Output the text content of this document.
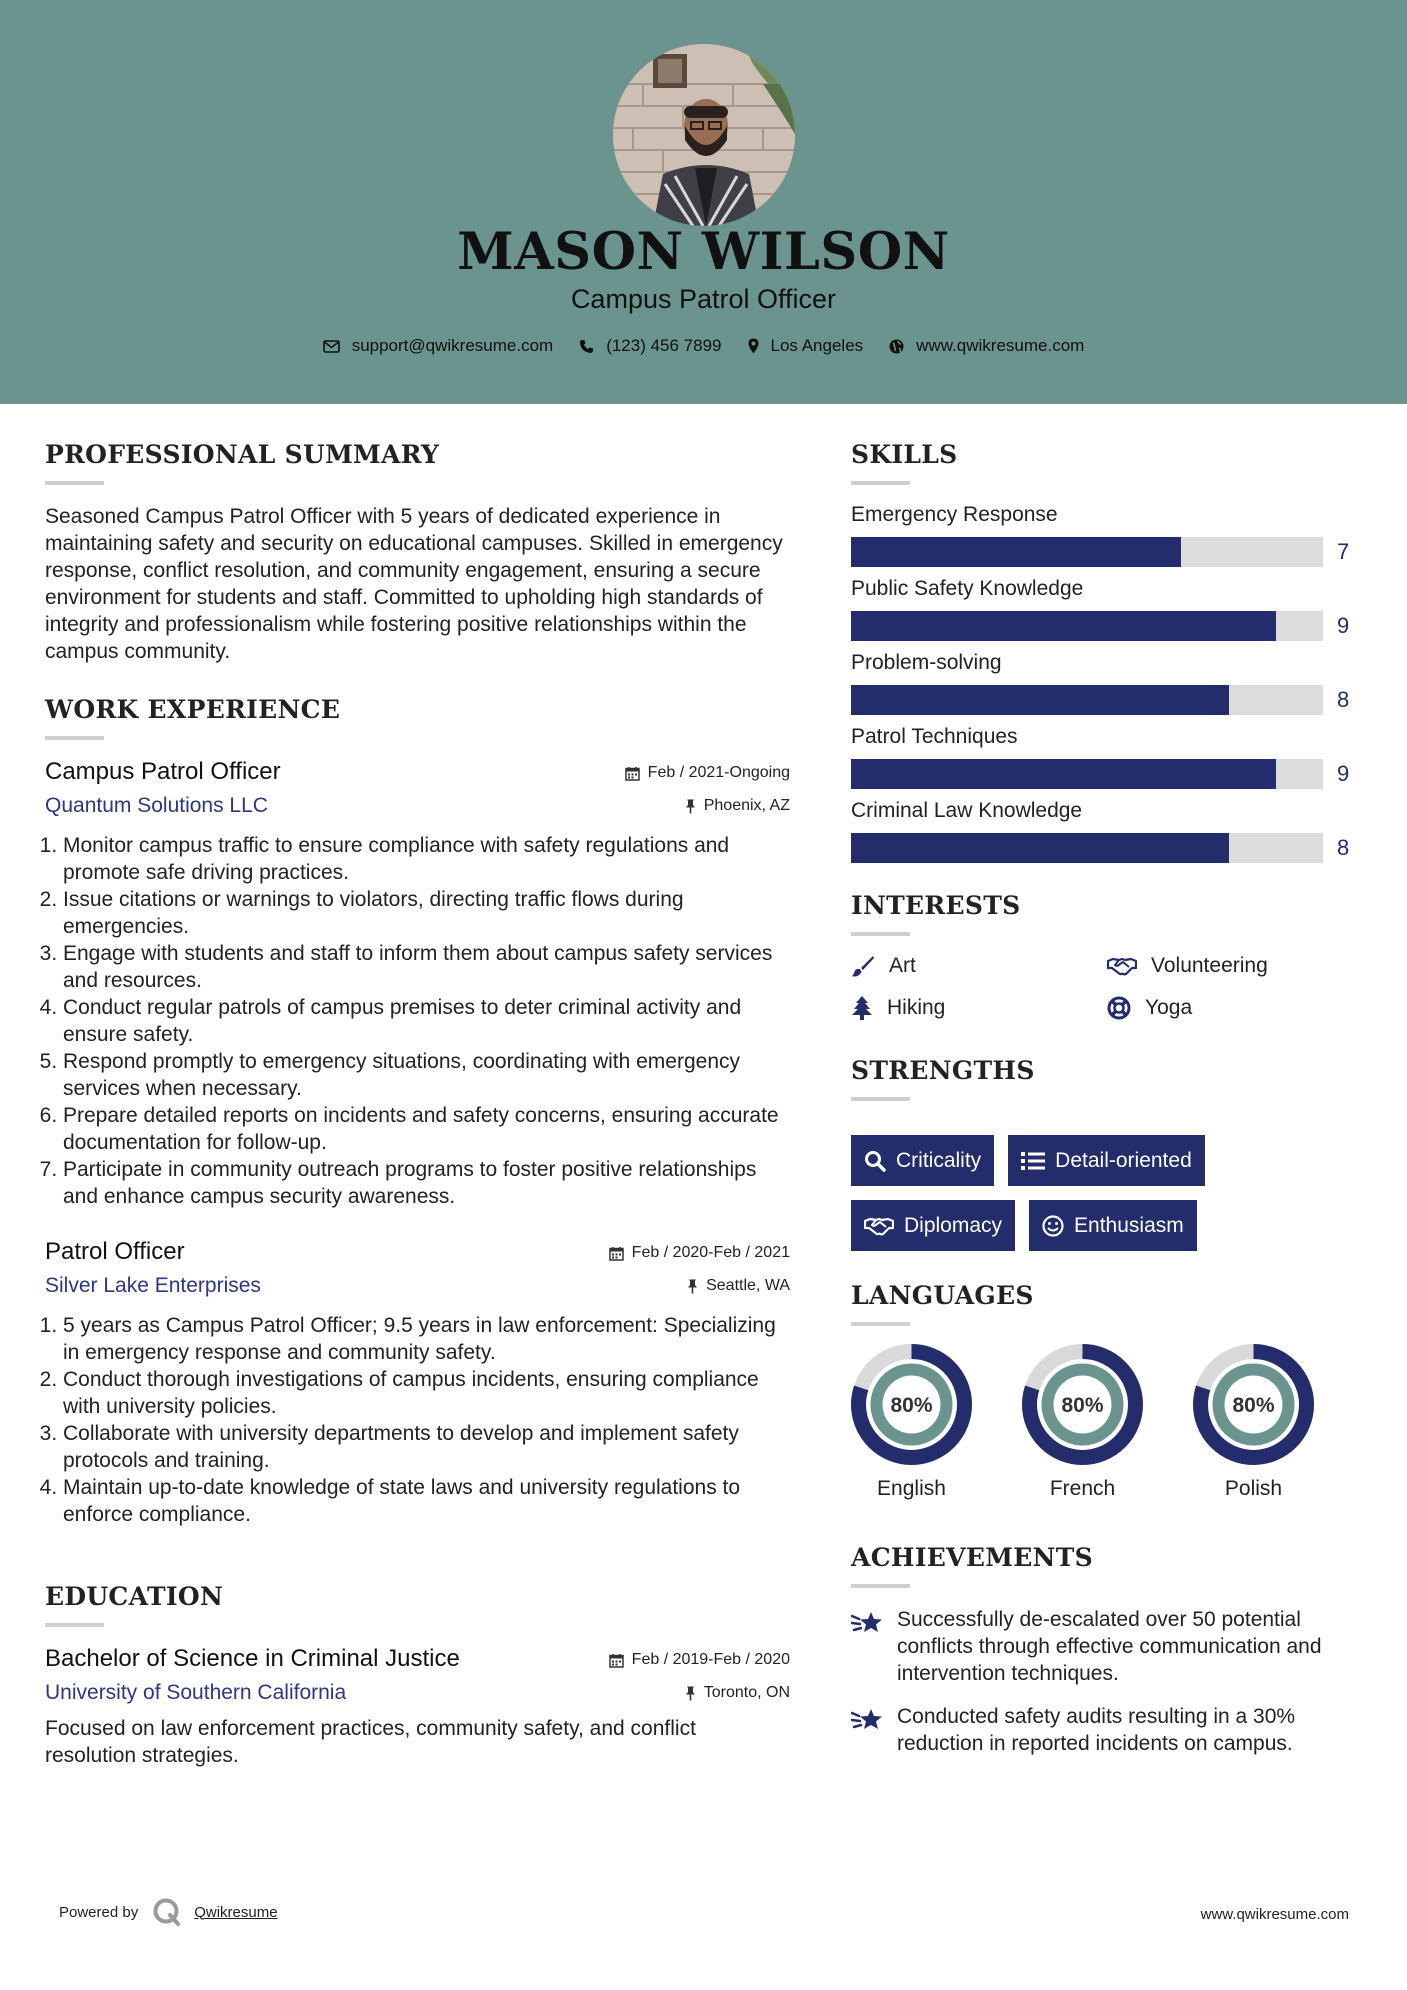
MASON WILSON
Campus Patrol Officer
support@qwikresume.com	(123) 456 7899	Los Angeles	www.qwikresume.com
PROFESSIONAL SUMMARY
Seasoned Campus Patrol Officer with 5 years of dedicated experience in maintaining safety and security on educational campuses. Skilled in emergency response, conflict resolution, and community engagement, ensuring a secure environment for students and staff. Committed to upholding high standards of integrity and professionalism while fostering positive relationships within the campus community.
WORK EXPERIENCE
Campus Patrol Officer	Feb / 2021-Ongoing
Quantum Solutions LLC	Phoenix, AZ
1. Monitor campus traffic to ensure compliance with safety regulations and promote safe driving practices.
2. Issue citations or warnings to violators, directing traffic flows during emergencies.
3. Engage with students and staff to inform them about campus safety services and resources.
4. Conduct regular patrols of campus premises to deter criminal activity and ensure safety.
5. Respond promptly to emergency situations, coordinating with emergency services when necessary.
6. Prepare detailed reports on incidents and safety concerns, ensuring accurate documentation for follow-up.
7. Participate in community outreach programs to foster positive relationships and enhance campus security awareness.
Patrol Officer	Feb / 2020-Feb / 2021
Silver Lake Enterprises	Seattle, WA
1. 5 years as Campus Patrol Officer; 9.5 years in law enforcement: Specializing in emergency response and community safety.
2. Conduct thorough investigations of campus incidents, ensuring compliance with university policies.
3. Collaborate with university departments to develop and implement safety protocols and training.
4. Maintain up-to-date knowledge of state laws and university regulations to enforce compliance.
EDUCATION
Bachelor of Science in Criminal Justice	Feb / 2019-Feb / 2020
University of Southern California	Toronto, ON
Focused on law enforcement practices, community safety, and conflict resolution strategies.
SKILLS
Emergency Response
7
Public Safety Knowledge
9
Problem-solving
8
Patrol Techniques
9
Criminal Law Knowledge
8
INTERESTS
Art	Volunteering
Hiking	Yoga
STRENGTHS
Criticality	Detail-oriented
Diplomacy	Enthusiasm
LANGUAGES
80%
English
80%
French
80%
Polish
ACHIEVEMENTS
Successfully de-escalated over 50 potential conflicts through effective communication and intervention techniques.
Conducted safety audits resulting in a 30% reduction in reported incidents on campus.
Powered by	Qwikresume	www.qwikresume.com
